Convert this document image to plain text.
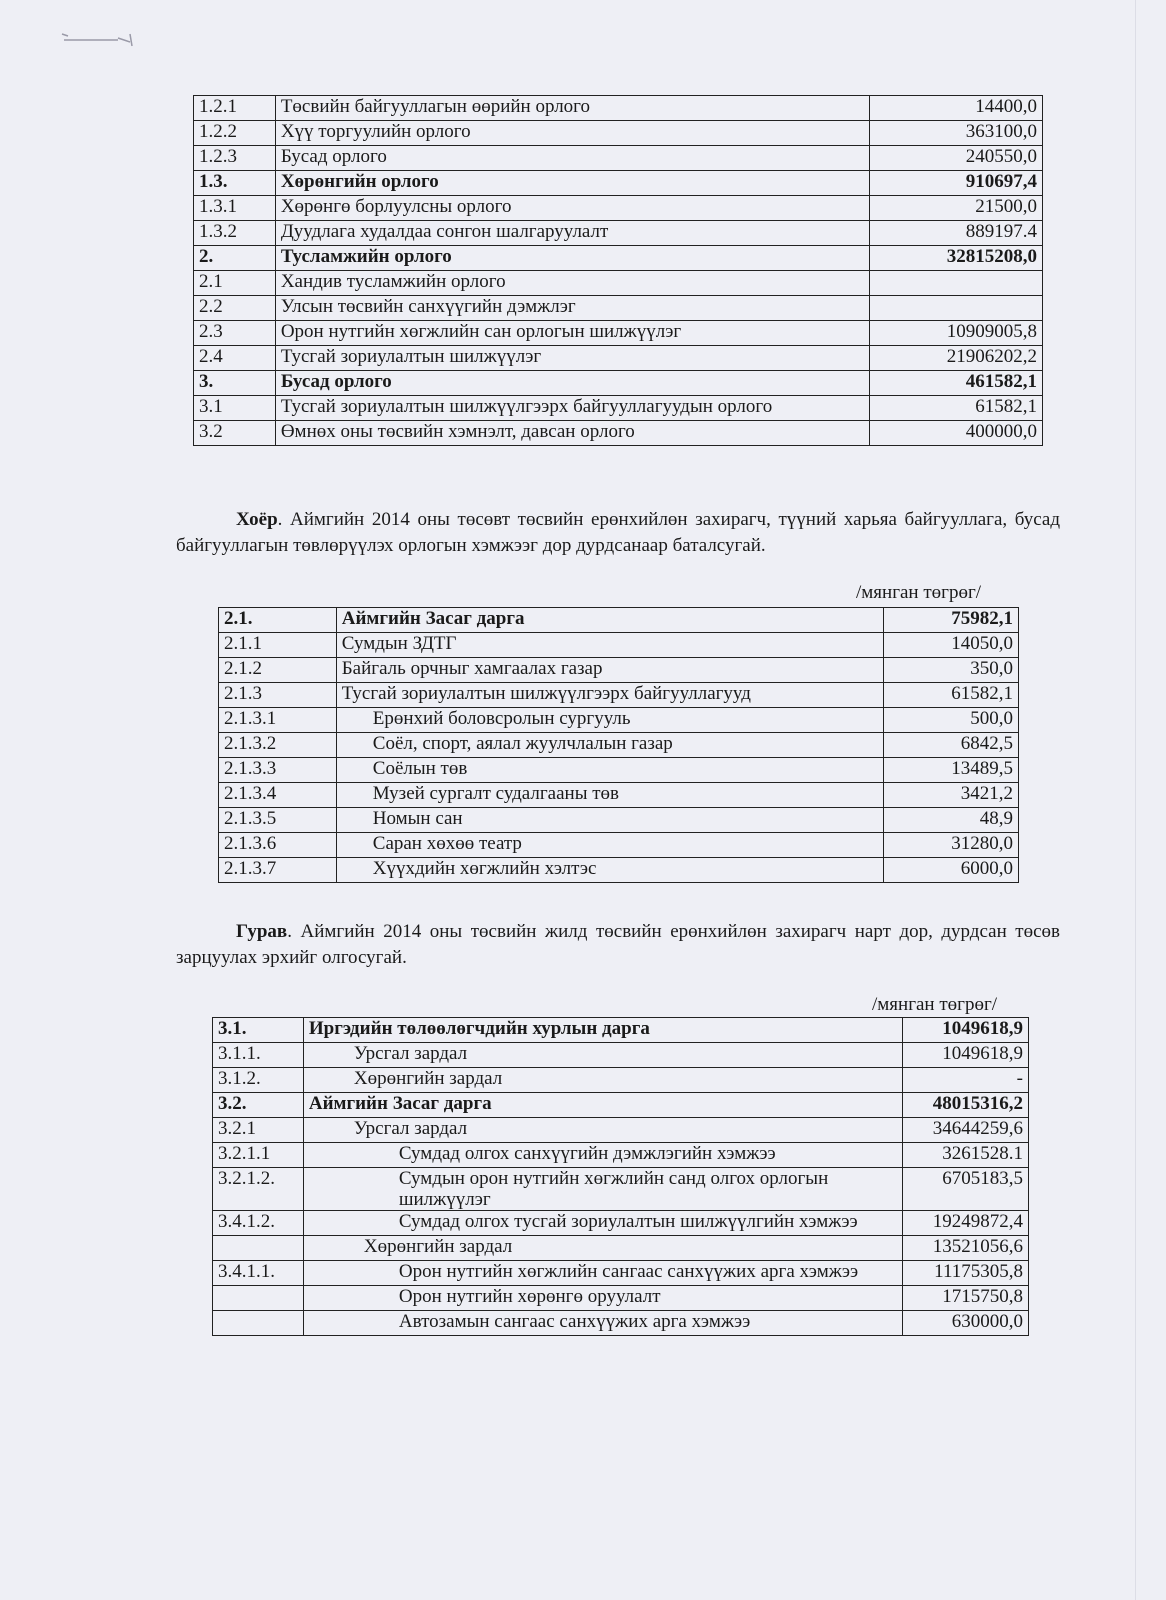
1.2.1	Төсвийн байгууллагын өөрийн орлого	14400,0
1.2.2	Хүү торгуулийн орлого	363100,0
1.2.3	Бусад орлого	240550,0
1.3.	Хөрөнгийн орлого	910697,4
1.3.1	Хөрөнгө борлуулсны орлого	21500,0
1.3.2	Дуудлага худалдаа сонгон шалгаруулалт	889197.4
2.	Тусламжийн орлого	32815208,0
2.1	Хандив тусламжийн орлого	
2.2	Улсын төсвийн санхүүгийн дэмжлэг	
2.3	Орон нутгийн хөгжлийн сан орлогын шилжүүлэг	10909005,8
2.4	Тусгай зориулалтын шилжүүлэг	21906202,2
3.	Бусад орлого	461582,1
3.1	Тусгай зориулалтын шилжүүлгээрх байгууллагуудын орлого	61582,1
3.2	Өмнөх оны төсвийн хэмнэлт, давсан орлого	400000,0
Хоёр. Аймгийн 2014 оны төсөвт төсвийн ерөнхийлөн захирагч, түүний харьяа байгууллага, бусад байгууллагын төвлөрүүлэх орлогын хэмжээг дор дурдсанаар баталсугай.
/мянган төгрөг/
2.1.	Аймгийн Засаг дарга	75982,1
2.1.1	Сумдын ЗДТГ	14050,0
2.1.2	Байгаль орчныг хамгаалах газар	350,0
2.1.3	Тусгай зориулалтын шилжүүлгээрх байгууллагууд	61582,1
2.1.3.1	Ерөнхий боловсролын сургууль	500,0
2.1.3.2	Соёл, спорт, аялал жуулчлалын газар	6842,5
2.1.3.3	Соёлын төв	13489,5
2.1.3.4	Музей сургалт судалгааны төв	3421,2
2.1.3.5	Номын сан	48,9
2.1.3.6	Саран хөхөө театр	31280,0
2.1.3.7	Хүүхдийн хөгжлийн хэлтэс	6000,0
Гурав. Аймгийн 2014 оны төсвийн жилд төсвийн ерөнхийлөн захирагч нарт дор, дурдсан төсөв зарцуулах эрхийг олгосугай.
/мянган төгрөг/
3.1.	Иргэдийн төлөөлөгчдийн хурлын дарга	1049618,9
3.1.1.	Урсгал зардал	1049618,9
3.1.2.	Хөрөнгийн зардал	-
3.2.	Аймгийн Засаг дарга	48015316,2
3.2.1	Урсгал зардал	34644259,6
3.2.1.1	Сумдад олгох санхүүгийн дэмжлэгийн хэмжээ	3261528.1
3.2.1.2.	Сумдын орон нутгийн хөгжлийн санд олгох орлогын шилжүүлэг	6705183,5
3.4.1.2.	Сумдад олгох тусгай зориулалтын шилжүүлгийн хэмжээ	19249872,4
	Хөрөнгийн зардал	13521056,6
3.4.1.1.	Орон нутгийн хөгжлийн сангаас санхүүжих арга хэмжээ	11175305,8
	Орон нутгийн хөрөнгө оруулалт	1715750,8
	Автозамын сангаас санхүүжих арга хэмжээ	630000,0
